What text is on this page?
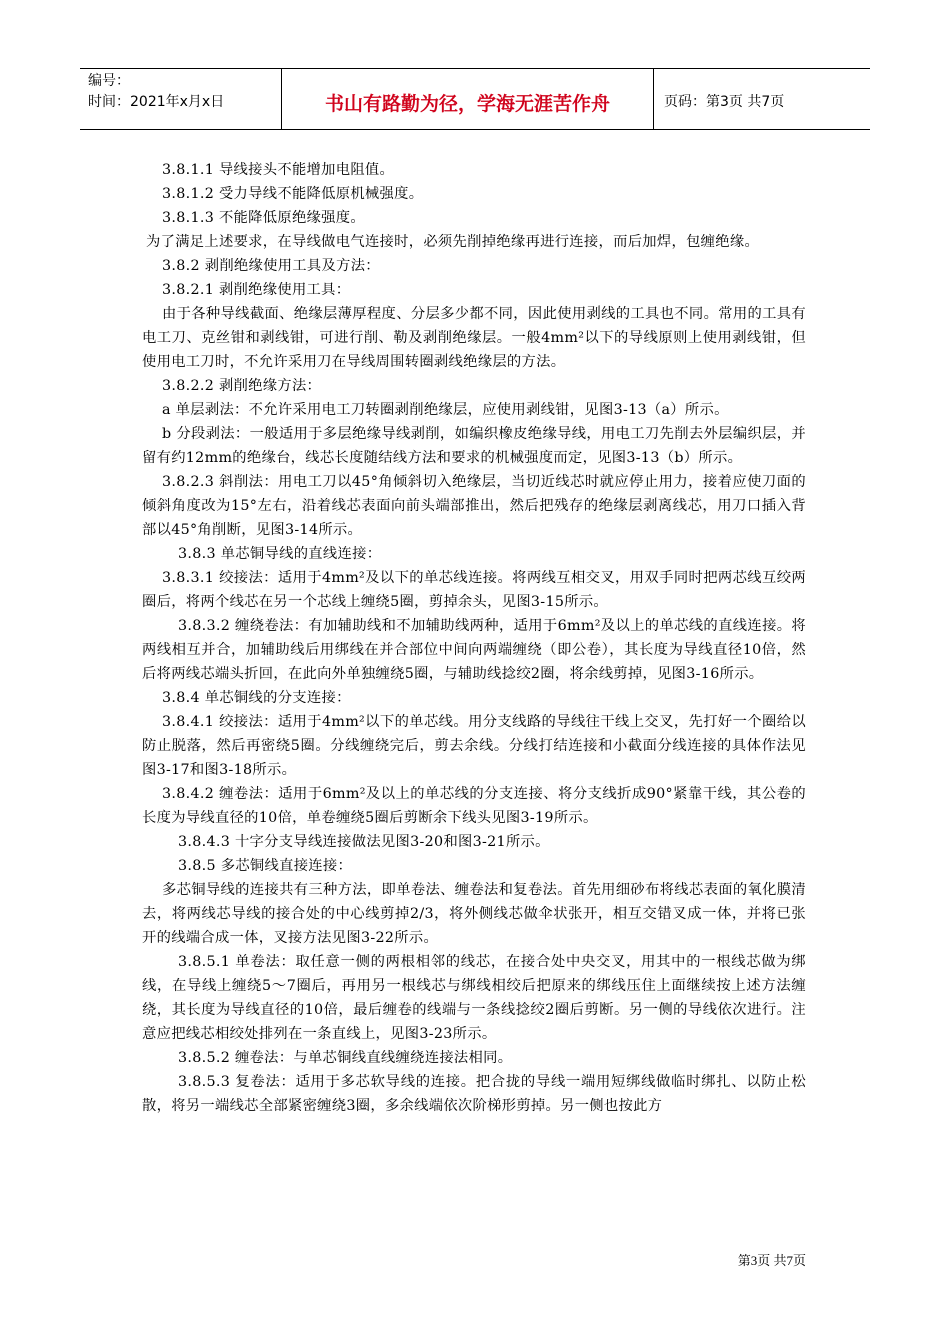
编号：
时间：2021年x月x日	书山有路勤为径，学海无涯苦作舟	页码：第3页 共7页

3.8.1.1 导线接头不能增加电阻值。

3.8.1.2 受力导线不能降低原机械强度。

3.8.1.3 不能降低原绝缘强度。

为了满足上述要求，在导线做电气连接时，必须先削掉绝缘再进行连接，而后加焊，包缠绝缘。

3.8.2 剥削绝缘使用工具及方法：

3.8.2.1 剥削绝缘使用工具：

由于各种导线截面、绝缘层薄厚程度、分层多少都不同，因此使用剥线的工具也不同。常用的工具有电工刀、克丝钳和剥线钳，可进行削、勒及剥削绝缘层。一般4mm²以下的导线原则上使用剥线钳，但使用电工刀时，不允许采用刀在导线周围转圈剥线绝缘层的方法。

3.8.2.2 剥削绝缘方法：

a 单层剥法：不允许采用电工刀转圈剥削绝缘层，应使用剥线钳，见图3-13（a）所示。

b 分段剥法：一般适用于多层绝缘导线剥削，如编织橡皮绝缘导线，用电工刀先削去外层编织层，并留有约12mm的绝缘台，线芯长度随结线方法和要求的机械强度而定，见图3-13（b）所示。

3.8.2.3 斜削法：用电工刀以45°角倾斜切入绝缘层，当切近线芯时就应停止用力，接着应使刀面的倾斜角度改为15°左右，沿着线芯表面向前头端部推出，然后把残存的绝缘层剥离线芯，用刀口插入背部以45°角削断，见图3-14所示。

3.8.3 单芯铜导线的直线连接：

3.8.3.1 绞接法：适用于4mm²及以下的单芯线连接。将两线互相交叉，用双手同时把两芯线互绞两圈后，将两个线芯在另一个芯线上缠绕5圈，剪掉余头，见图3-15所示。

3.8.3.2 缠绕卷法：有加辅助线和不加辅助线两种，适用于6mm²及以上的单芯线的直线连接。将两线相互并合，加辅助线后用绑线在并合部位中间向两端缠绕（即公卷），其长度为导线直径10倍，然后将两线芯端头折回，在此向外单独缠绕5圈，与辅助线捻绞2圈，将余线剪掉，见图3-16所示。

3.8.4 单芯铜线的分支连接：

3.8.4.1 绞接法：适用于4mm²以下的单芯线。用分支线路的导线往干线上交叉，先打好一个圈给以防止脱落，然后再密绕5圈。分线缠绕完后，剪去余线。分线打结连接和小截面分线连接的具体作法见图3-17和图3-18所示。

3.8.4.2 缠卷法：适用于6mm²及以上的单芯线的分支连接、将分支线折成90°紧靠干线，其公卷的长度为导线直径的10倍，单卷缠绕5圈后剪断余下线头见图3-19所示。

3.8.4.3 十字分支导线连接做法见图3-20和图3-21所示。

3.8.5 多芯铜线直接连接：

多芯铜导线的连接共有三种方法，即单卷法、缠卷法和复卷法。首先用细砂布将线芯表面的氧化膜清去，将两线芯导线的接合处的中心线剪掉2/3，将外侧线芯做伞状张开，相互交错叉成一体，并将已张开的线端合成一体，叉接方法见图3-22所示。

3.8.5.1 单卷法：取任意一侧的两根相邻的线芯，在接合处中央交叉，用其中的一根线芯做为绑线，在导线上缠绕5～7圈后，再用另一根线芯与绑线相绞后把原来的绑线压住上面继续按上述方法缠绕，其长度为导线直径的10倍，最后缠卷的线端与一条线捻绞2圈后剪断。另一侧的导线依次进行。注意应把线芯相绞处排列在一条直线上，见图3-23所示。

3.8.5.2 缠卷法：与单芯铜线直线缠绕连接法相同。

3.8.5.3 复卷法：适用于多芯软导线的连接。把合拢的导线一端用短绑线做临时绑扎、以防止松散，将另一端线芯全部紧密缠绕3圈，多余线端依次阶梯形剪掉。另一侧也按此方

第3页 共7页
